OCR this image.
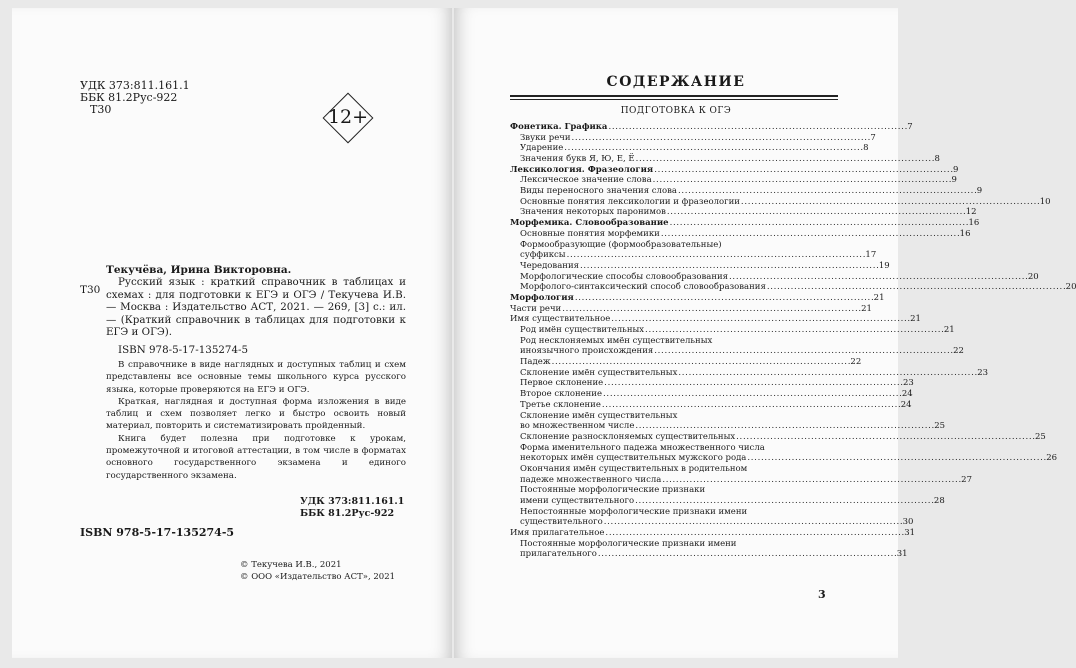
УДК 373:811.161.1
ББК 81.2Рус-922
Т30	12+
Текучёва, Ирина Викторовна.
Т30
Русский язык : краткий справочник в таблицах и схемах : для подготовки к ЕГЭ и ОГЭ / Текучева И.В. — Москва : Издательство АСТ, 2021. — 269, [3] с.: ил. — (Краткий справочник в таблицах для подготовки к ЕГЭ и ОГЭ).
ISBN 978-5-17-135274-5

В справочнике в виде наглядных и доступных таблиц и схем представлены все основные темы школьного курса русского языка, которые проверяются на ЕГЭ и ОГЭ.

Краткая, наглядная и доступная форма изложения в виде таблиц и схем позволяет легко и быстро освоить новый материал, повторить и систематизировать пройденный.

Книга будет полезна при подготовке к урокам, промежуточной и итоговой аттестации, в том числе в форматах основного государственного экзамена и единого государственного экзамена.

УДК 373:811.161.1
ББК 81.2Рус-922
ISBN 978-5-17-135274-5
© Текучева И.В., 2021
© ООО «Издательство АСТ», 2021
СОДЕРЖАНИЕ
ПОДГОТОВКА К ОГЭ
Фонетика. Графика . . .	7
Звуки речи . . .	7
Ударение . . .	8
Значения букв Я, Ю, Е, Ё . . .	8
Лексикология. Фразеология . . .	9
Лексическое значение слова . . .	9
Виды переносного значения слова . . .	9
Основные понятия лексикологии и фразеологии . . .	10
Значения некоторых паронимов . . .	12
Морфемика. Словообразование . . .	16
Основные понятия морфемики . . .	16
Формообразующие (формообразовательные)
суффиксы . . .	17
Чередования . . .	19
Морфологические способы словообразования . . .	20
Морфолого-синтаксический способ словообразования . . .	20
Морфология . . .	21
Части речи . . .	21
Имя существительное . . .	21
Род имён существительных . . .	21
Род несклоняемых имён существительных
иноязычного происхождения . . .	22
Падеж . . .	22
Склонение имён существительных . . .	23
Первое склонение . . .	23
Второе склонение . . .	24
Третье склонение . . .	24
Склонение имён существительных
во множественном числе . . .	25
Склонение разносклоняемых существительных . . .	25
Форма именительного падежа множественного числа
некоторых имён существительных мужского рода . . .	26
Окончания имён существительных в родительном
падеже множественного числа . . .	27
Постоянные морфологические признаки
имени существительного . . .	28
Непостоянные морфологические признаки имени
существительного . . .	30
Имя прилагательное . . .	31
Постоянные морфологические признаки имени
прилагательного . . .	31
3
